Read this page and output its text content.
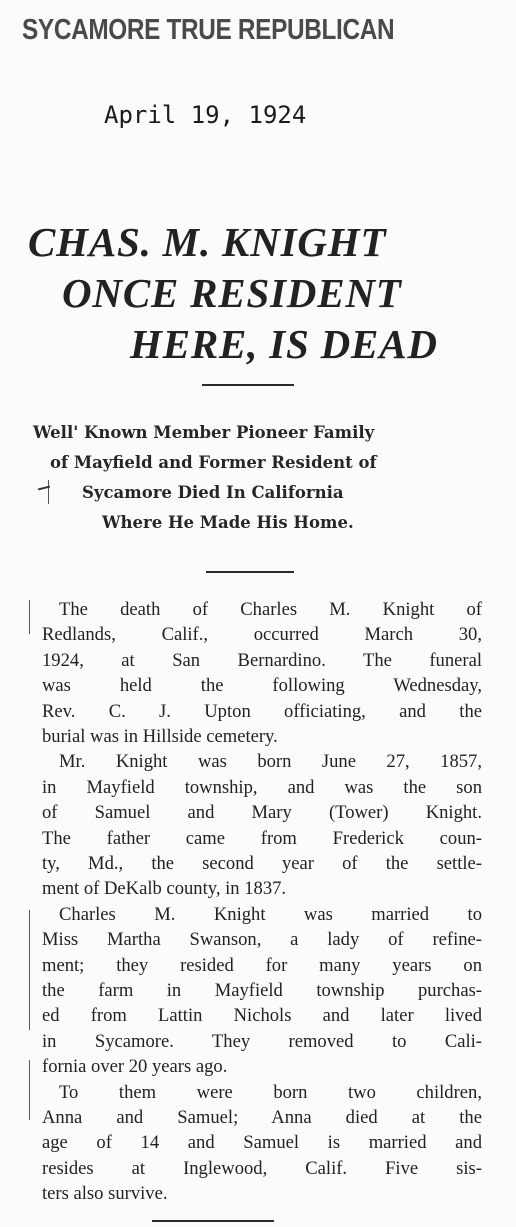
SYCAMORE TRUE REPUBLICAN
April 19, 1924
CHAS. M. KNIGHT
ONCE RESIDENT
HERE, IS DEAD
Well' Known Member Pioneer Family
of Mayfield and Former Resident of
Sycamore Died In California
Where He Made His Home.
The death of Charles M. Knight of
Redlands, Calif., occurred March 30,
1924, at San Bernardino. The funeral
was held the following Wednesday,
Rev. C. J. Upton officiating, and the
burial was in Hillside cemetery.
Mr. Knight was born June 27, 1857,
in Mayfield township, and was the son
of Samuel and Mary (Tower) Knight.
The father came from Frederick coun-
ty, Md., the second year of the settle-
ment of DeKalb county, in 1837.
Charles M. Knight was married to
Miss Martha Swanson, a lady of refine-
ment; they resided for many years on
the farm in Mayfield township purchas-
ed from Lattin Nichols and later lived
in Sycamore. They removed to Cali-
fornia over 20 years ago.
To them were born two children,
Anna and Samuel; Anna died at the
age of 14 and Samuel is married and
resides at Inglewood, Calif. Five sis-
ters also survive.
